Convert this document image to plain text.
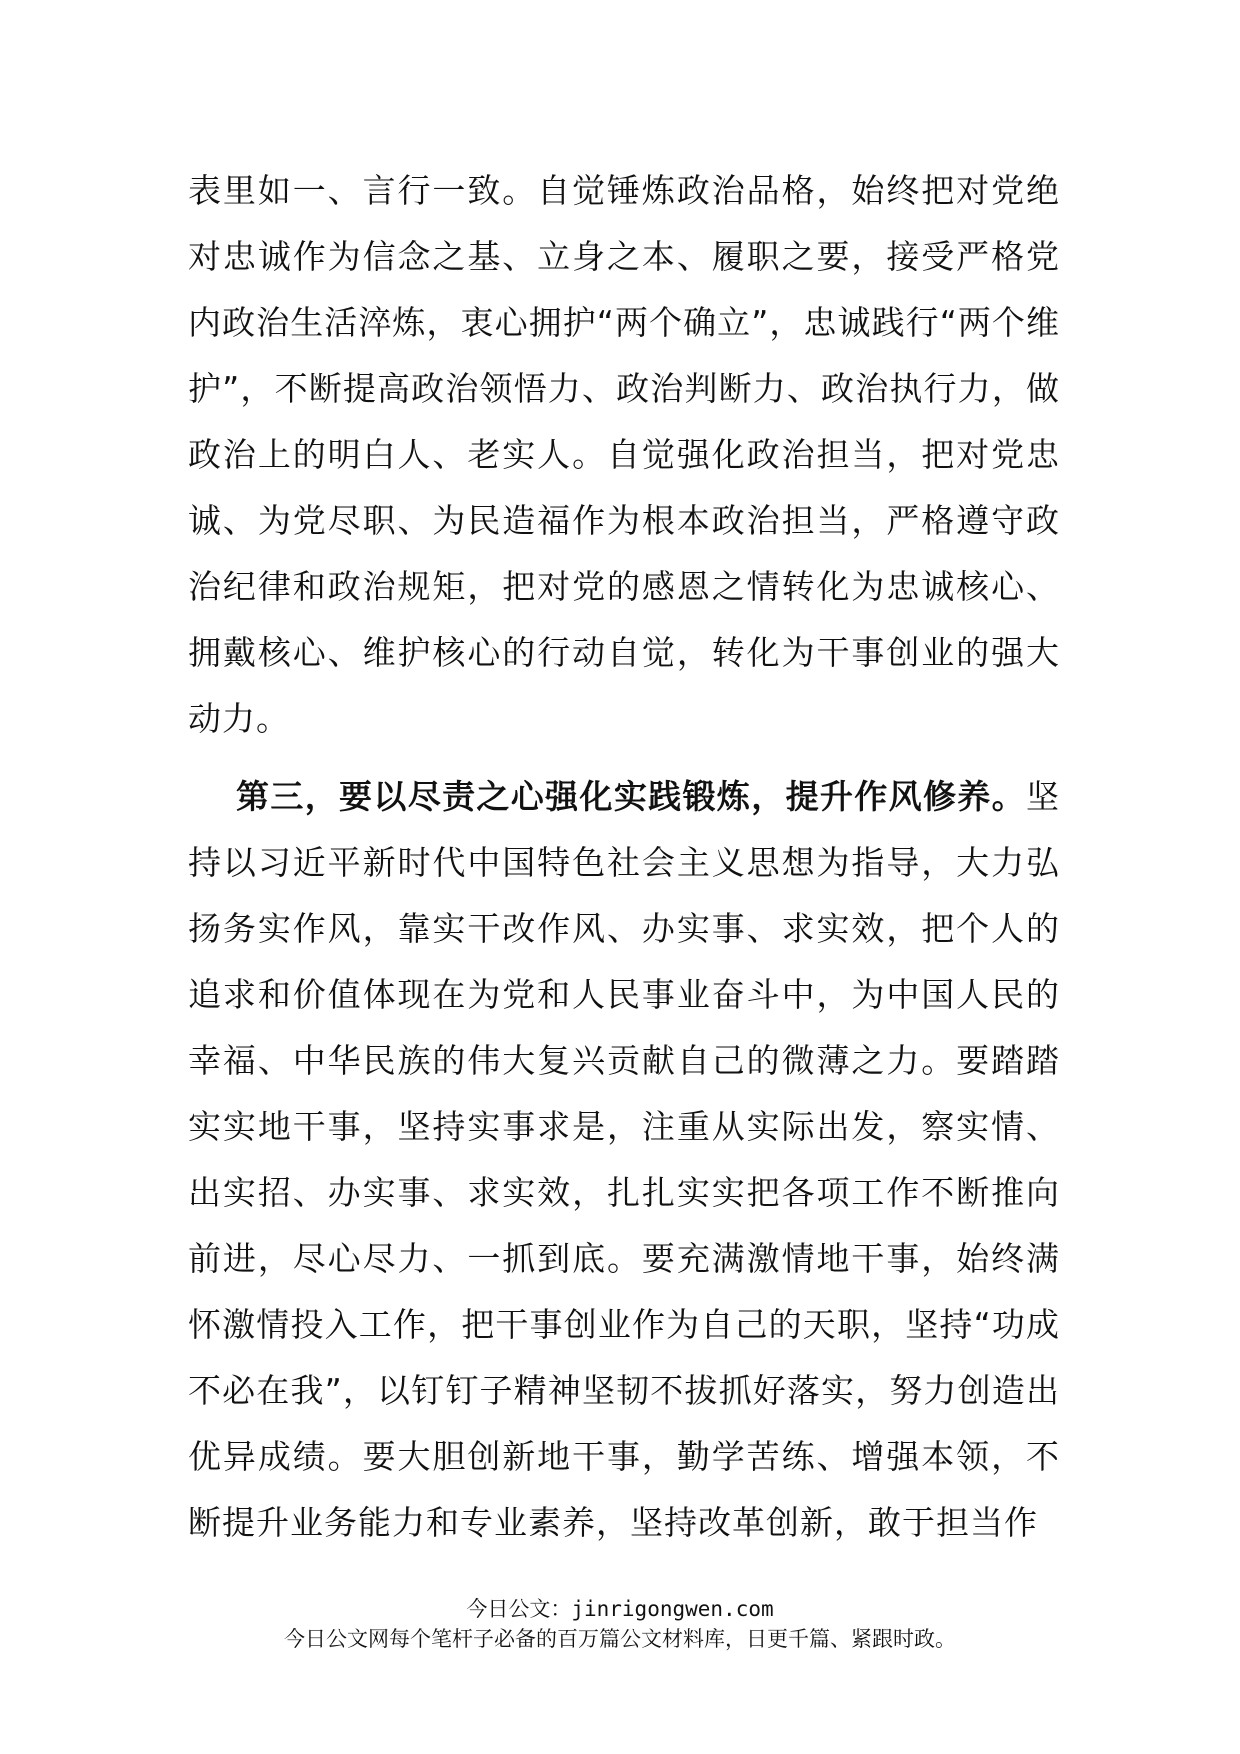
表里如一、言行一致。自觉锤炼政治品格，始终把对党绝对忠诚作为信念之基、立身之本、履职之要，接受严格党内政治生活淬炼，衷心拥护“两个确立”，忠诚践行“两个维护”，不断提高政治领悟力、政治判断力、政治执行力，做政治上的明白人、老实人。自觉强化政治担当，把对党忠诚、为党尽职、为民造福作为根本政治担当，严格遵守政治纪律和政治规矩，把对党的感恩之情转化为忠诚核心、拥戴核心、维护核心的行动自觉，转化为干事创业的强大动力。

第三，要以尽责之心强化实践锻炼，提升作风修养。坚持以习近平新时代中国特色社会主义思想为指导，大力弘扬务实作风，靠实干改作风、办实事、求实效，把个人的追求和价值体现在为党和人民事业奋斗中，为中国人民的幸福、中华民族的伟大复兴贡献自己的微薄之力。要踏踏实实地干事，坚持实事求是，注重从实际出发，察实情、出实招、办实事、求实效，扎扎实实把各项工作不断推向前进，尽心尽力、一抓到底。要充满激情地干事，始终满怀激情投入工作，把干事创业作为自己的天职，坚持“功成不必在我”，以钉钉子精神坚韧不拔抓好落实，努力创造出优异成绩。要大胆创新地干事，勤学苦练、增强本领，不断提升业务能力和专业素养，坚持改革创新，敢于担当作

今日公文：jinrigongwen.com
今日公文网每个笔杆子必备的百万篇公文材料库，日更千篇、紧跟时政。
